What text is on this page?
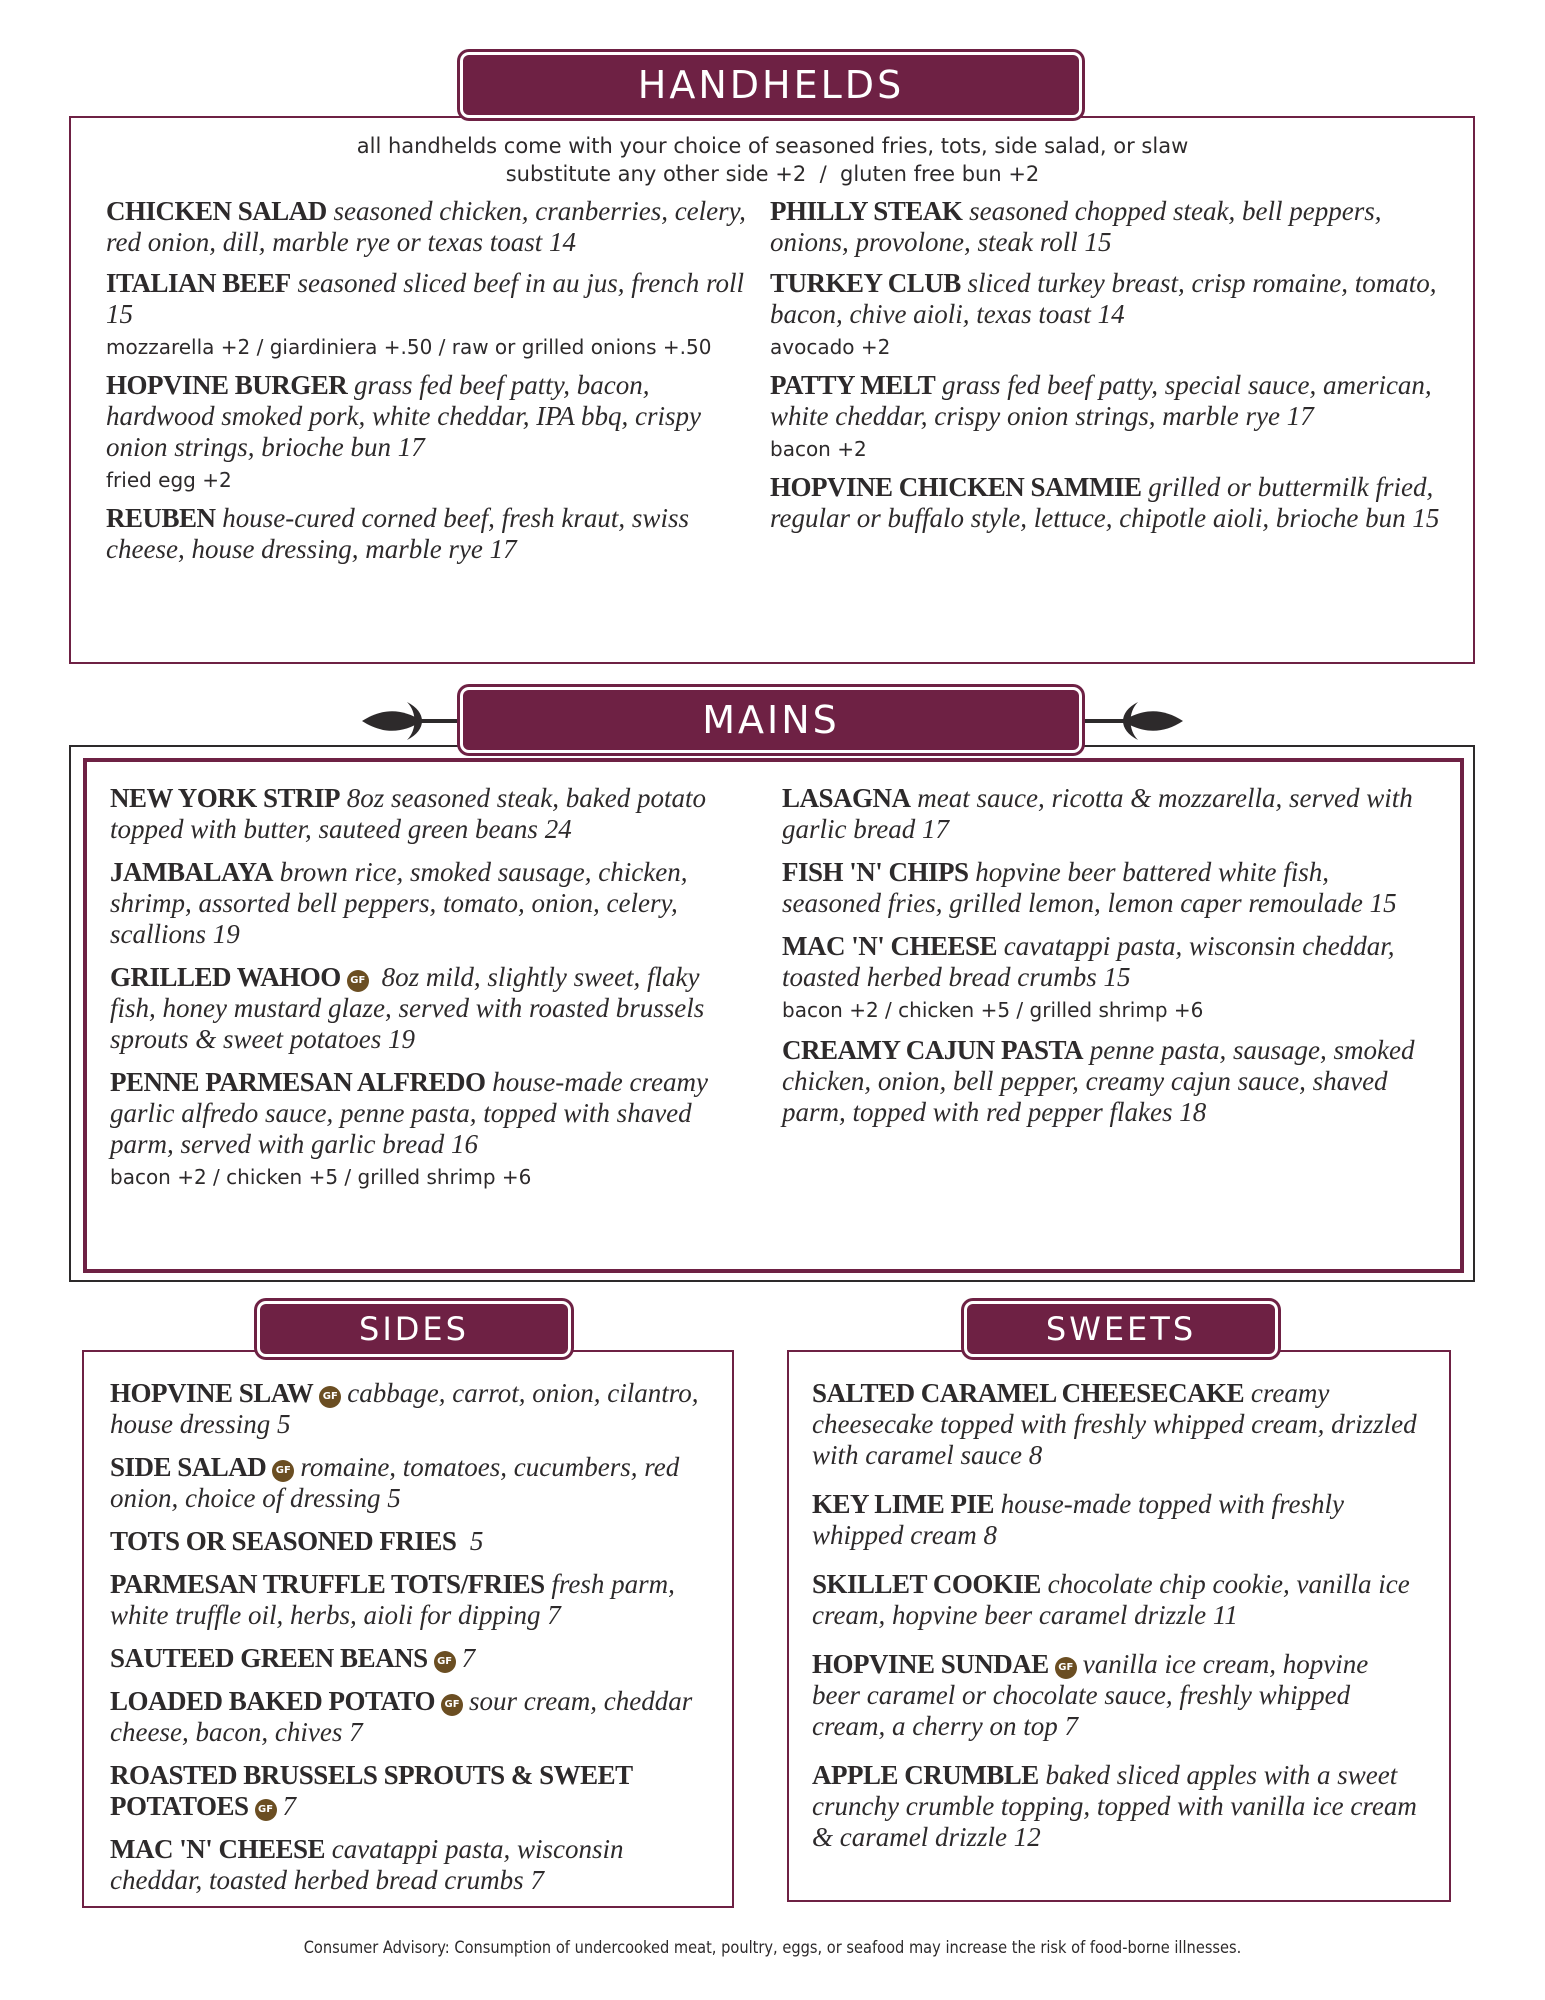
HANDHELDS
all handhelds come with your choice of seasoned fries, tots, side salad, or slaw
substitute any other side +2  /  gluten free bun +2
CHICKEN SALAD seasoned chicken, cranberries, celery, red onion, dill, marble rye or texas toast 14
ITALIAN BEEF seasoned sliced beef in au jus, french roll 15
mozzarella +2 / giardiniera +.50 / raw or grilled onions +.50
HOPVINE BURGER grass fed beef patty, bacon, hardwood smoked pork, white cheddar, IPA bbq, crispy onion strings, brioche bun 17
fried egg +2
REUBEN house-cured corned beef, fresh kraut, swiss cheese, house dressing, marble rye 17
PHILLY STEAK seasoned chopped steak, bell peppers, onions, provolone, steak roll 15
TURKEY CLUB sliced turkey breast, crisp romaine, tomato, bacon, chive aioli, texas toast 14
avocado +2
PATTY MELT grass fed beef patty, special sauce, american, white cheddar, crispy onion strings, marble rye 17
bacon +2
HOPVINE CHICKEN SAMMIE grilled or buttermilk fried, regular or buffalo style, lettuce, chipotle aioli, brioche bun 15
MAINS
NEW YORK STRIP 8oz seasoned steak, baked potato topped with butter, sauteed green beans 24
JAMBALAYA brown rice, smoked sausage, chicken, shrimp, assorted bell peppers, tomato, onion, celery, scallions 19
GRILLED WAHOO GF 8oz mild, slightly sweet, flaky fish, honey mustard glaze, served with roasted brussels sprouts & sweet potatoes 19
PENNE PARMESAN ALFREDO house-made creamy garlic alfredo sauce, penne pasta, topped with shaved parm, served with garlic bread 16
bacon +2 / chicken +5 / grilled shrimp +6
LASAGNA meat sauce, ricotta & mozzarella, served with garlic bread 17
FISH 'N' CHIPS hopvine beer battered white fish, seasoned fries, grilled lemon, lemon caper remoulade 15
MAC 'N' CHEESE cavatappi pasta, wisconsin cheddar, toasted herbed bread crumbs 15
bacon +2 / chicken +5 / grilled shrimp +6
CREAMY CAJUN PASTA penne pasta, sausage, smoked chicken, onion, bell pepper, creamy cajun sauce, shaved parm, topped with red pepper flakes 18
SIDES
HOPVINE SLAW GF cabbage, carrot, onion, cilantro, house dressing 5
SIDE SALAD GF romaine, tomatoes, cucumbers, red onion, choice of dressing 5
TOTS OR SEASONED FRIES 5
PARMESAN TRUFFLE TOTS/FRIES fresh parm, white truffle oil, herbs, aioli for dipping 7
SAUTEED GREEN BEANS GF 7
LOADED BAKED POTATO GF sour cream, cheddar cheese, bacon, chives 7
ROASTED BRUSSELS SPROUTS & SWEET POTATOES GF 7
MAC 'N' CHEESE cavatappi pasta, wisconsin cheddar, toasted herbed bread crumbs 7
SWEETS
SALTED CARAMEL CHEESECAKE creamy cheesecake topped with freshly whipped cream, drizzled with caramel sauce 8
KEY LIME PIE house-made topped with freshly whipped cream 8
SKILLET COOKIE chocolate chip cookie, vanilla ice cream, hopvine beer caramel drizzle 11
HOPVINE SUNDAE GF vanilla ice cream, hopvine beer caramel or chocolate sauce, freshly whipped cream, a cherry on top 7
APPLE CRUMBLE baked sliced apples with a sweet crunchy crumble topping, topped with vanilla ice cream & caramel drizzle 12
Consumer Advisory: Consumption of undercooked meat, poultry, eggs, or seafood may increase the risk of food-borne illnesses.
